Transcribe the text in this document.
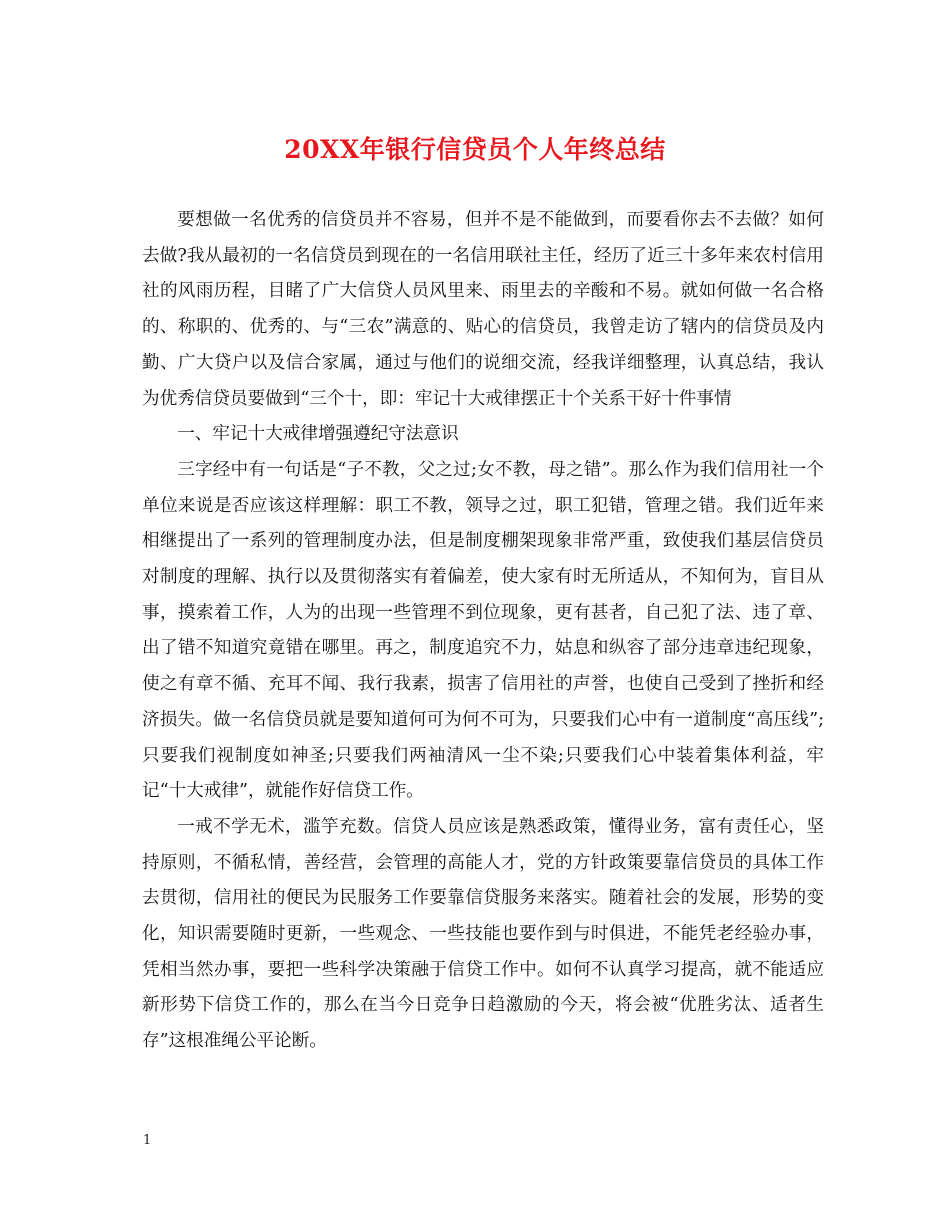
20XX年银行信贷员个人年终总结

要想做一名优秀的信贷员并不容易，但并不是不能做到，而要看你去不去做？如何去做?我从最初的一名信贷员到现在的一名信用联社主任，经历了近三十多年来农村信用社的风雨历程，目睹了广大信贷人员风里来、雨里去的辛酸和不易。就如何做一名合格的、称职的、优秀的、与“三农”满意的、贴心的信贷员，我曾走访了辖内的信贷员及内勤、广大贷户以及信合家属，通过与他们的说细交流，经我详细整理，认真总结，我认为优秀信贷员要做到“三个十，即：牢记十大戒律摆正十个关系干好十件事情

一、牢记十大戒律增强遵纪守法意识

三字经中有一句话是“子不教，父之过;女不教，母之错”。那么作为我们信用社一个单位来说是否应该这样理解：职工不教，领导之过，职工犯错，管理之错。我们近年来相继提出了一系列的管理制度办法，但是制度棚架现象非常严重，致使我们基层信贷员对制度的理解、执行以及贯彻落实有着偏差，使大家有时无所适从，不知何为，盲目从事，摸索着工作，人为的出现一些管理不到位现象，更有甚者，自己犯了法、违了章、出了错不知道究竟错在哪里。再之，制度追究不力，姑息和纵容了部分违章违纪现象，使之有章不循、充耳不闻、我行我素，损害了信用社的声誉，也使自己受到了挫折和经济损失。做一名信贷员就是要知道何可为何不可为，只要我们心中有一道制度“高压线”;只要我们视制度如神圣;只要我们两袖清风一尘不染;只要我们心中装着集体利益，牢记“十大戒律”，就能作好信贷工作。

一戒不学无术，滥竽充数。信贷人员应该是熟悉政策，懂得业务，富有责任心，坚持原则，不循私情，善经营，会管理的高能人才，党的方针政策要靠信贷员的具体工作去贯彻，信用社的便民为民服务工作要靠信贷服务来落实。随着社会的发展，形势的变化，知识需要随时更新，一些观念、一些技能也要作到与时俱进，不能凭老经验办事，凭相当然办事，要把一些科学决策融于信贷工作中。如何不认真学习提高，就不能适应新形势下信贷工作的，那么在当今日竞争日趋激励的今天，将会被“优胜劣汰、适者生存”这根准绳公平论断。

1
